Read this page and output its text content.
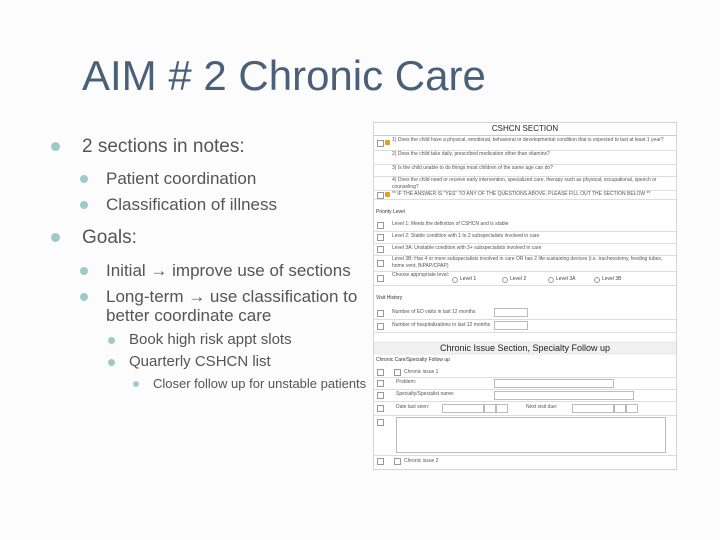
AIM # 2 Chronic Care
2 sections in notes:
Patient coordination
Classification of illness
Goals:
Initial → improve use of sections
Long-term → use classification to better coordinate care
Book high risk appt slots
Quarterly CSHCN list
Closer follow up for unstable patients
CSHCN SECTION
1) Does the child have a physical, emotional, behavioral or developmental condition that is expected to last at least 1 year?
2) Does the child take daily, prescribed medication other than vitamins?
3) Is the child unable to do things most children of the same age can do?
4) Does the child need or receive early intervention, specialized care, therapy such as physical, occupational, speech or counseling?
** IF THE ANSWER IS "YES" TO ANY OF THE QUESTIONS ABOVE, PLEASE FILL OUT THE SECTION BELOW **
Priority Level
Level 1: Meets the definition of CSHCN and is stable
Level 2: Stable condition with 1 to 2 subspecialists involved in care
Level 3A: Unstable condition with 3+ subspecialists involved in care
Level 3B: Has 4 or more subspecialists involved in care OR has 2 life-sustaining devices (i.e. tracheostomy, feeding tubes, home vent, BiPAP/CPAP)
Choose appropriate level:
Level 1	Level 2	Level 3A	Level 3B
Visit History
Number of ED visits in last 12 months
Number of hospitalizations in last 12 months
Chronic Issue Section, Specialty Follow up
Chronic Care/Specialty Follow up
Chronic issue 1
Problem:
Specialty/Specialist name:
Date last seen:	Next visit due:
Chronic issue 2
